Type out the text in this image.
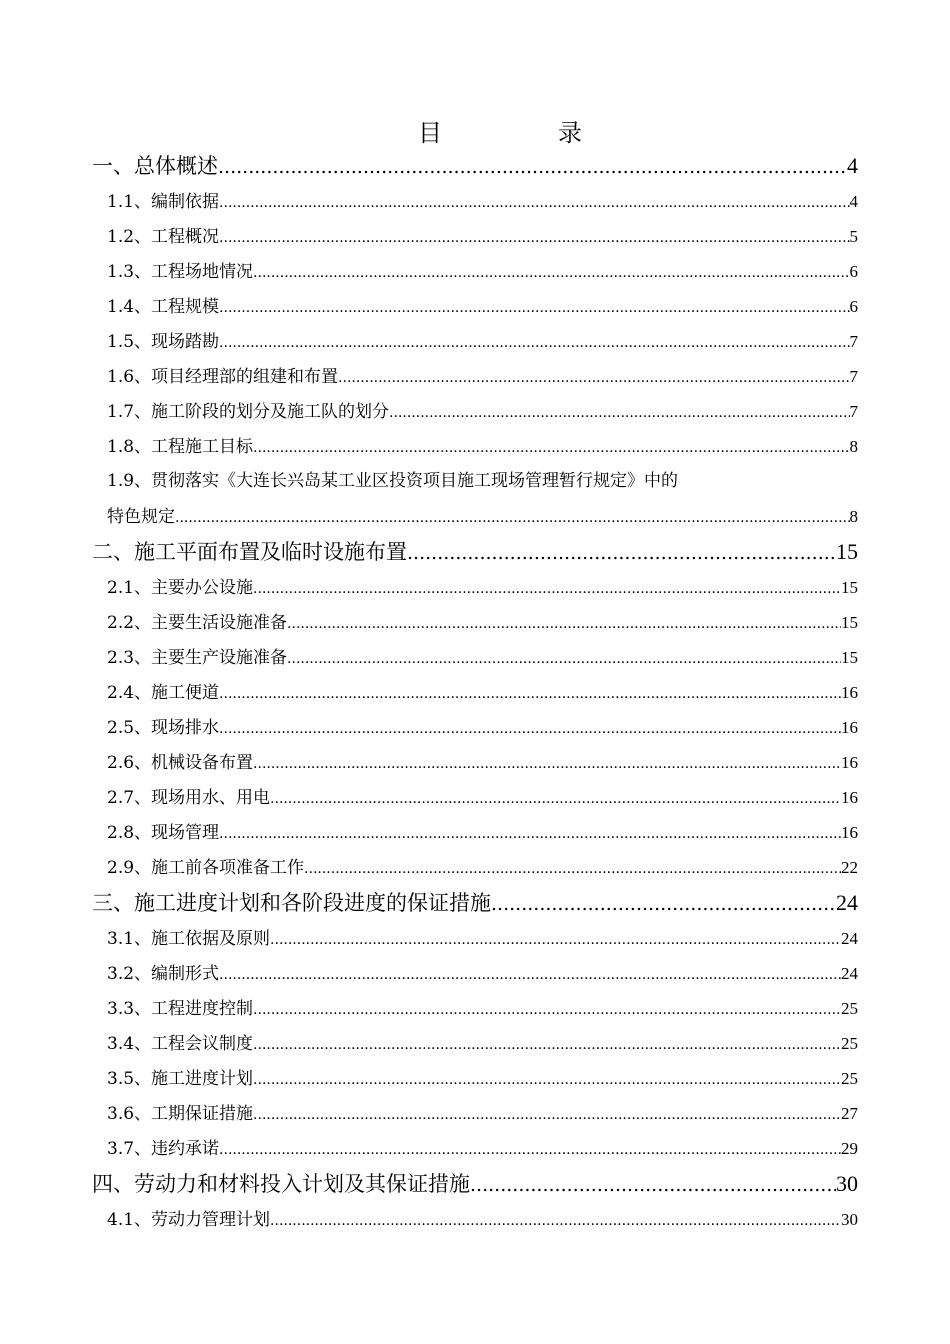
目	录
一、总体概述 .....	4
1.1、编制依据 .....	4
1.2、工程概况 .....	5
1.3、工程场地情况 .....	6
1.4、工程规模 .....	6
1.5、现场踏勘 .....	7
1.6、项目经理部的组建和布置 .....	7
1.7、施工阶段的划分及施工队的划分 .....	7
1.8、工程施工目标 .....	8
1.9、贯彻落实《大连长兴岛某工业区投资项目施工现场管理暂行规定》中的
特色规定 .....	8
二、施工平面布置及临时设施布置 .....	15
2.1、主要办公设施 .....	15
2.2、主要生活设施准备 .....	15
2.3、主要生产设施准备 .....	15
2.4、施工便道 .....	16
2.5、现场排水 .....	16
2.6、机械设备布置 .....	16
2.7、现场用水、用电 .....	16
2.8、现场管理 .....	16
2.9、施工前各项准备工作 .....	22
三、施工进度计划和各阶段进度的保证措施 .....	24
3.1、施工依据及原则 .....	24
3.2、编制形式 .....	24
3.3、工程进度控制 .....	25
3.4、工程会议制度 .....	25
3.5、施工进度计划 .....	25
3.6、工期保证措施 .....	27
3.7、违约承诺 .....	29
四、劳动力和材料投入计划及其保证措施 .....	30
4.1、劳动力管理计划 .....	30
